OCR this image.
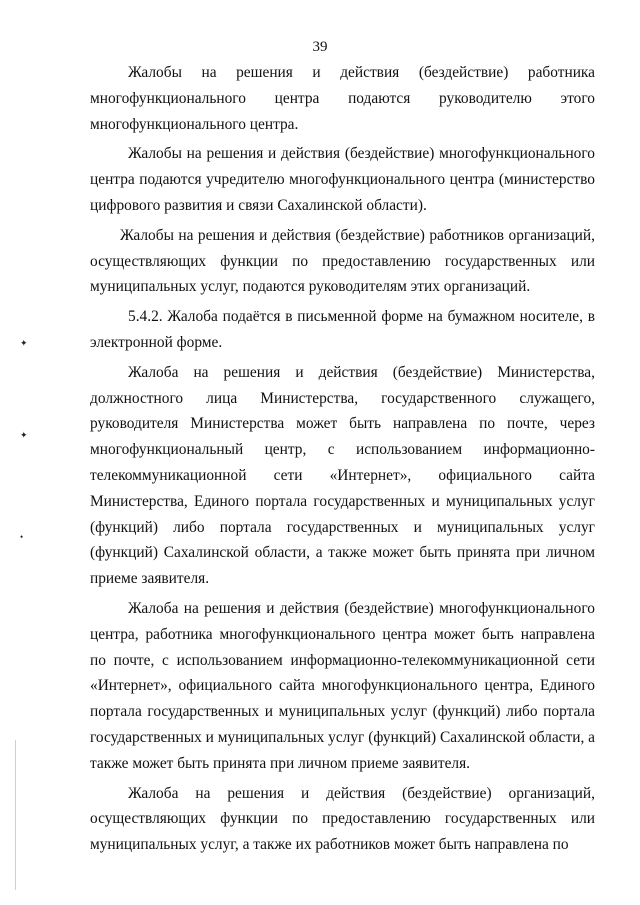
39
✦
✦
•

Жалобы на решения и действия (бездействие) работника многофункционального центра подаются руководителю этого многофункционального центра.

Жалобы на решения и действия (бездействие) многофункционального центра подаются учредителю многофункционального центра (министерство цифрового развития и связи Сахалинской области).

Жалобы на решения и действия (бездействие) работников организаций, осуществляющих функции по предоставлению государственных или муниципальных услуг, подаются руководителям этих организаций.

5.4.2. Жалоба подаётся в письменной форме на бумажном носителе, в электронной форме.

Жалоба на решения и действия (бездействие) Министерства, должностного лица Министерства, государственного служащего, руководителя Министерства может быть направлена по почте, через многофункциональный центр, с использованием информационно-телекоммуникационной сети «Интернет», официального сайта Министерства, Единого портала государственных и муниципальных услуг (функций) либо портала государственных и муниципальных услуг (функций) Сахалинской области, а также может быть принята при личном приеме заявителя.

Жалоба на решения и действия (бездействие) многофункционального центра, работника многофункционального центра может быть направлена по почте, с использованием информационно-телекоммуникационной сети «Интернет», официального сайта многофункционального центра, Единого портала государственных и муниципальных услуг (функций) либо портала государственных и муниципальных услуг (функций) Сахалинской области, а также может быть принята при личном приеме заявителя.

Жалоба на решения и действия (бездействие) организаций, осуществляющих функции по предоставлению государственных или муниципальных услуг, а также их работников может быть направлена по
